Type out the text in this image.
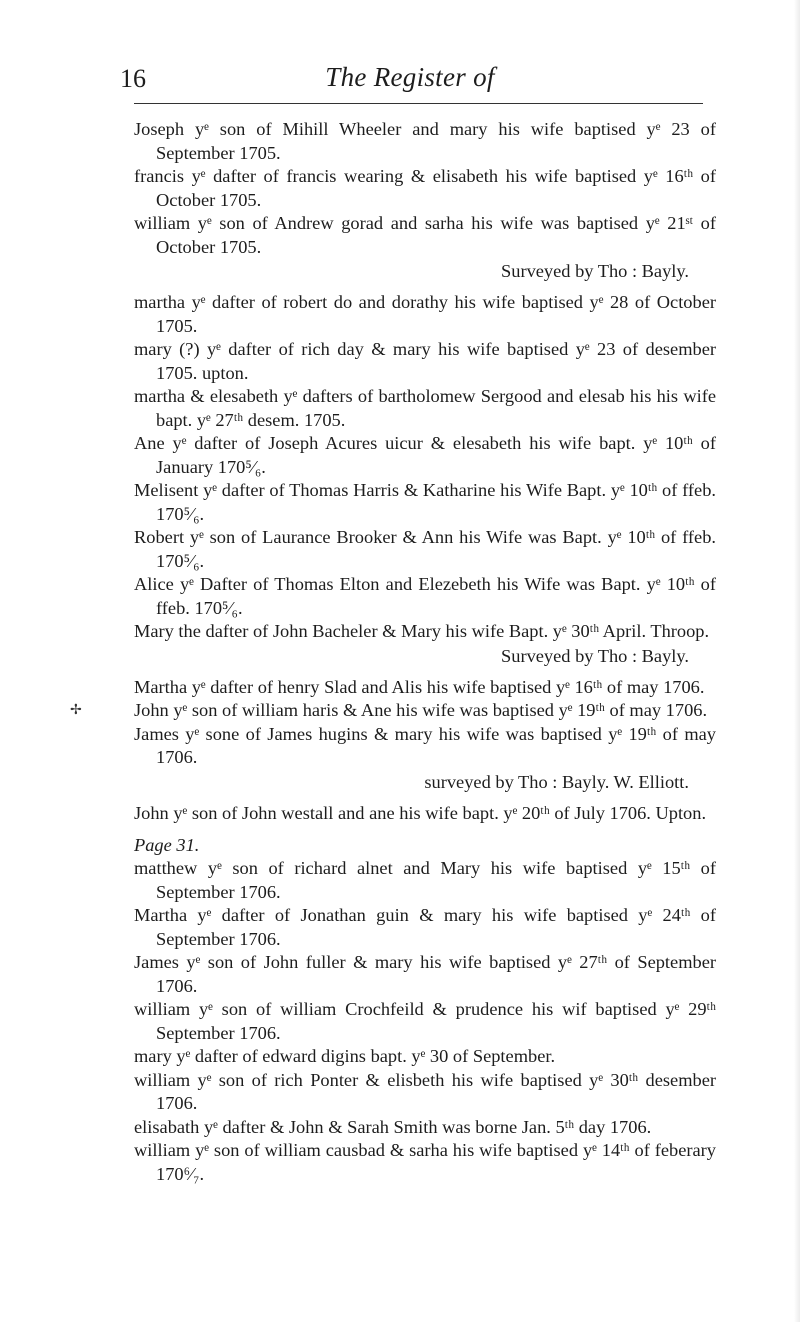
16	The Register of
Joseph yᵉ son of Mihill Wheeler and mary his wife baptised yᵉ 23 of September 1705.
francis yᵉ dafter of francis wearing & elisabeth his wife baptised yᵉ 16ᵗʰ of October 1705.
william yᵉ son of Andrew gorad and sarha his wife was baptised yᵉ 21ˢᵗ of October 1705.
Surveyed by Tho : Bayly.
martha yᵉ dafter of robert do and dorathy his wife baptised yᵉ 28 of October 1705.
mary (?) yᵉ dafter of rich day & mary his wife baptised yᵉ 23 of desember 1705. upton.
martha & elesabeth yᵉ dafters of bartholomew Sergood and elesab his his wife bapt. yᵉ 27ᵗʰ desem. 1705.
Ane yᵉ dafter of Joseph Acures uicur & elesabeth his wife bapt. yᵉ 10ᵗʰ of January 170⁵⁄₆.
Melisent yᵉ dafter of Thomas Harris & Katharine his Wife Bapt. yᵉ 10ᵗʰ of ffeb. 170⁵⁄₆.
Robert yᵉ son of Laurance Brooker & Ann his Wife was Bapt. yᵉ 10ᵗʰ of ffeb. 170⁵⁄₆.
Alice yᵉ Dafter of Thomas Elton and Elezebeth his Wife was Bapt. yᵉ 10ᵗʰ of ffeb. 170⁵⁄₆.
Mary the dafter of John Bacheler & Mary his wife Bapt. yᵉ 30ᵗʰ April. Throop.
Surveyed by Tho : Bayly.
Martha yᵉ dafter of henry Slad and Alis his wife baptised yᵉ 16ᵗʰ of may 1706.
John yᵉ son of william haris & Ane his wife was baptised yᵉ 19ᵗʰ of may 1706.
✢
James yᵉ sone of James hugins & mary his wife was baptised yᵉ 19ᵗʰ of may 1706.
surveyed by Tho : Bayly. W. Elliott.
John yᵉ son of John westall and ane his wife bapt. yᵉ 20ᵗʰ of July 1706. Upton.
Page 31.
matthew yᵉ son of richard alnet and Mary his wife baptised yᵉ 15ᵗʰ of September 1706.
Martha yᵉ dafter of Jonathan guin & mary his wife baptised yᵉ 24ᵗʰ of September 1706.
James yᵉ son of John fuller & mary his wife baptised yᵉ 27ᵗʰ of September 1706.
william yᵉ son of william Crochfeild & prudence his wif baptised yᵉ 29ᵗʰ September 1706.
mary yᵉ dafter of edward digins bapt. yᵉ 30 of September.
william yᵉ son of rich Ponter & elisbeth his wife baptised yᵉ 30ᵗʰ desember 1706.
elisabath yᵉ dafter & John & Sarah Smith was borne Jan. 5ᵗʰ day 1706.
william yᵉ son of william causbad & sarha his wife baptised yᵉ 14ᵗʰ of feberary 170⁶⁄₇.
